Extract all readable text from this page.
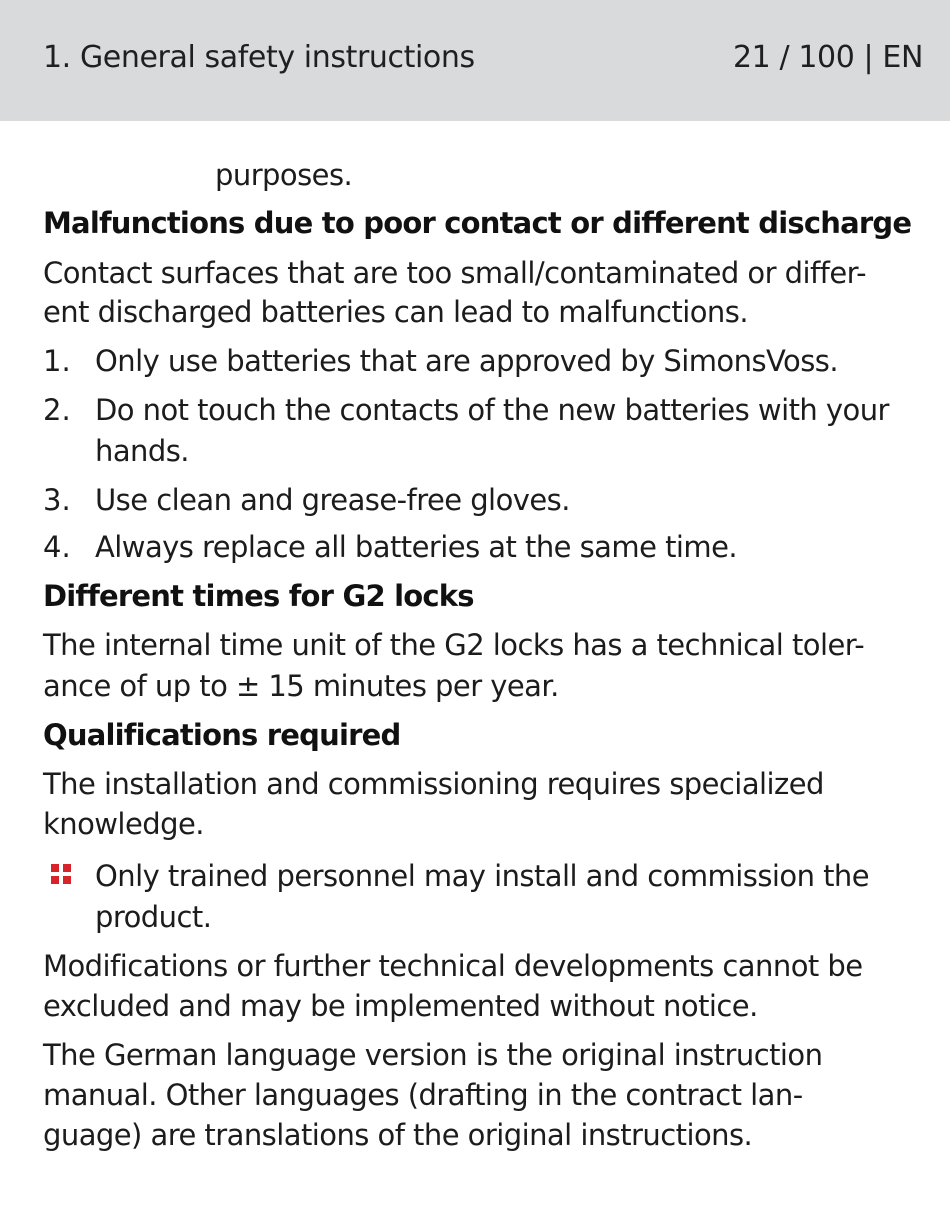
1. General safety instructions	21 / 100 | EN
purposes.
Malfunctions due to poor contact or different discharge
Contact surfaces that are too small/contaminated or differ-
ent discharged batteries can lead to malfunctions.
1. Only use batteries that are approved by SimonsVoss.
2. Do not touch the contacts of the new batteries with your
hands.
3. Use clean and grease-free gloves.
4. Always replace all batteries at the same time.
Different times for G2 locks
The internal time unit of the G2 locks has a technical toler-
ance of up to ± 15 minutes per year.
Qualifications required
The installation and commissioning requires specialized
knowledge.
Only trained personnel may install and commission the
product.
Modifications or further technical developments cannot be
excluded and may be implemented without notice.
The German language version is the original instruction
manual. Other languages (drafting in the contract lan-
guage) are translations of the original instructions.
